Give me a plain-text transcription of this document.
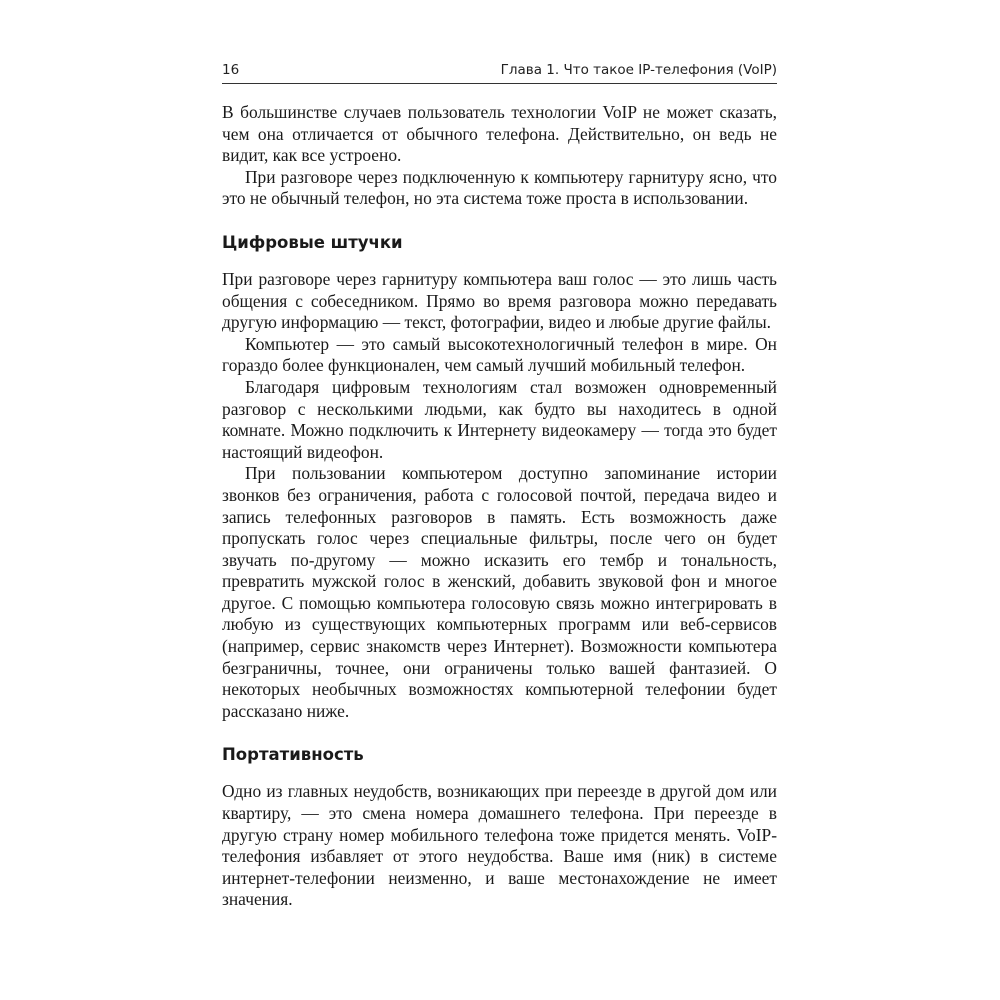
16	Глава 1. Что такое IP-телефония (VoIP)

В большинстве случаев пользователь технологии VoIP не может сказать, чем она отличается от обычного телефона. Действительно, он ведь не видит, как все устроено.

При разговоре через подключенную к компьютеру гарнитуру ясно, что это не обычный телефон, но эта система тоже проста в использовании.

Цифровые штучки

При разговоре через гарнитуру компьютера ваш голос — это лишь часть общения с собеседником. Прямо во время разговора можно передавать другую информацию — текст, фотографии, видео и любые другие файлы.

Компьютер — это самый высокотехнологичный телефон в мире. Он гораздо более функционален, чем самый лучший мобильный телефон.

Благодаря цифровым технологиям стал возможен одновременный разговор с несколькими людьми, как будто вы находитесь в одной комнате. Можно подключить к Интернету видеокамеру — тогда это будет настоящий видеофон.

При пользовании компьютером доступно запоминание истории звонков без ограничения, работа с голосовой почтой, передача видео и запись телефонных разговоров в память. Есть возможность даже пропускать голос через специальные фильтры, после чего он будет звучать по-другому — можно исказить его тембр и тональность, превратить мужской голос в женский, добавить звуковой фон и многое другое. С помощью компьютера голосовую связь можно интегрировать в любую из существующих компьютерных программ или веб-сервисов (например, сервис знакомств через Интернет). Возможности компьютера безграничны, точнее, они ограничены только вашей фантазией. О некоторых необычных возможностях компьютерной телефонии будет рассказано ниже.

Портативность

Одно из главных неудобств, возникающих при переезде в другой дом или квартиру, — это смена номера домашнего телефона. При переезде в другую страну номер мобильного телефона тоже придется менять. VoIP-телефония избавляет от этого неудобства. Ваше имя (ник) в системе интернет-телефонии неизменно, и ваше местонахождение не имеет значения.
